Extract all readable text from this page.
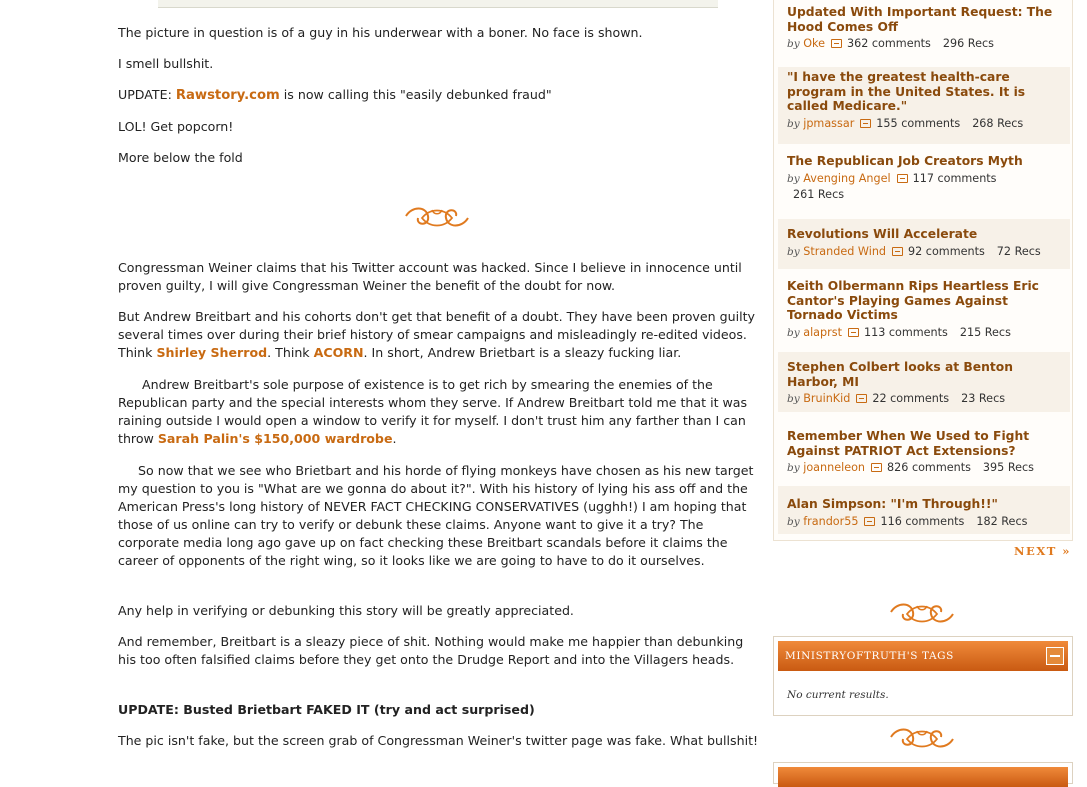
The picture in question is of a guy in his underwear with a boner. No face is shown.

I smell bullshit.

UPDATE: Rawstory.com is now calling this "easily debunked fraud"

LOL! Get popcorn!

More below the fold

Congressman Weiner claims that his Twitter account was hacked. Since I believe in innocence until proven guilty, I will give Congressman Weiner the benefit of the doubt for now.

But Andrew Breitbart and his cohorts don't get that benefit of a doubt. They have been proven guilty several times over during their brief history of smear campaigns and misleadingly re-edited videos. Think Shirley Sherrod. Think ACORN. In short, Andrew Brietbart is a sleazy fucking liar.

Andrew Breitbart's sole purpose of existence is to get rich by smearing the enemies of the Republican party and the special interests whom they serve. If Andrew Breitbart told me that it was raining outside I would open a window to verify it for myself. I don't trust him any farther than I can throw Sarah Palin's $150,000 wardrobe.

So now that we see who Brietbart and his horde of flying monkeys have chosen as his new target my question to you is "What are we gonna do about it?". With his history of lying his ass off and the American Press's long history of NEVER FACT CHECKING CONSERVATIVES (ugghh!) I am hoping that those of us online can try to verify or debunk these claims. Anyone want to give it a try? The corporate media long ago gave up on fact checking these Breitbart scandals before it claims the career of opponents of the right wing, so it looks like we are going to have to do it ourselves.

Any help in verifying or debunking this story will be greatly appreciated.

And remember, Breitbart is a sleazy piece of shit. Nothing would make me happier than debunking his too often falsified claims before they get onto the Drudge Report and into the Villagers heads.

UPDATE: Busted Brietbart FAKED IT (try and act surprised)

The pic isn't fake, but the screen grab of Congressman Weiner's twitter page was fake. What bullshit!

Updated With Important Request: The Hood Comes Off
by Oke 362 comments 296 Recs
"I have the greatest health-care program in the United States. It is called Medicare."
by jpmassar 155 comments 268 Recs
The Republican Job Creators Myth
by Avenging Angel 117 comments
261 Recs
Revolutions Will Accelerate
by Stranded Wind 92 comments 72 Recs
Keith Olbermann Rips Heartless Eric Cantor's Playing Games Against Tornado Victims
by alaprst 113 comments 215 Recs
Stephen Colbert looks at Benton Harbor, MI
by BruinKid 22 comments 23 Recs
Remember When We Used to Fight Against PATRIOT Act Extensions?
by joanneleon 826 comments 395 Recs
Alan Simpson: "I'm Through!!"
by frandor55 116 comments 182 Recs
NEXT »
MINISTRYOFTRUTH'S TAGS
No current results.
